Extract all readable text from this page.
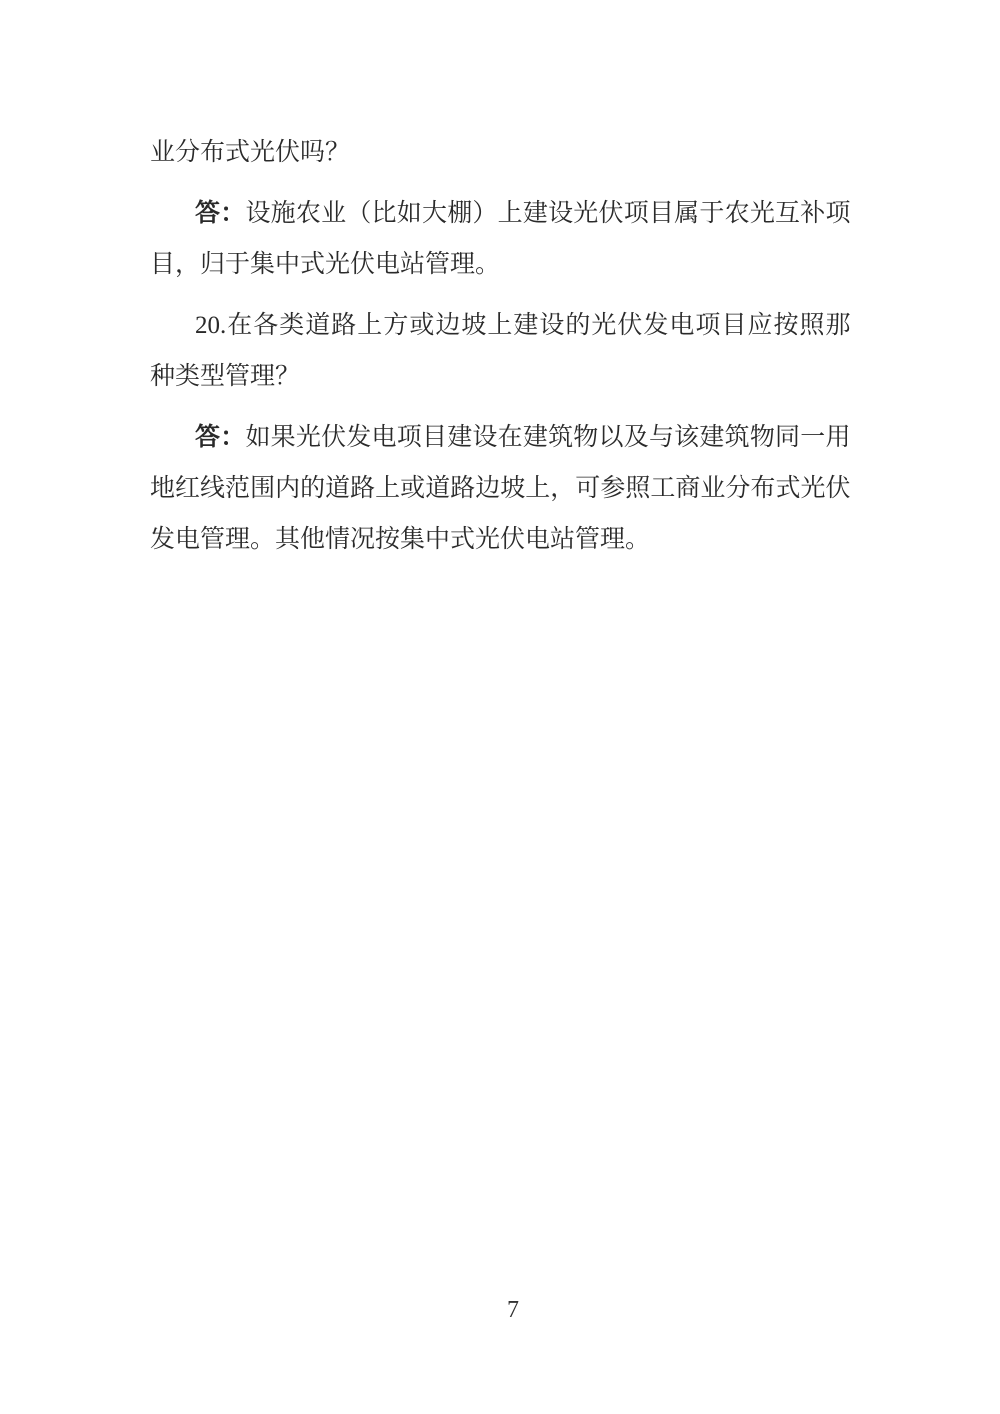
业分布式光伏吗？

答：设施农业（比如大棚）上建设光伏项目属于农光互补项目，归于集中式光伏电站管理。

20.在各类道路上方或边坡上建设的光伏发电项目应按照那种类型管理？

答：如果光伏发电项目建设在建筑物以及与该建筑物同一用地红线范围内的道路上或道路边坡上，可参照工商业分布式光伏发电管理。其他情况按集中式光伏电站管理。

7
